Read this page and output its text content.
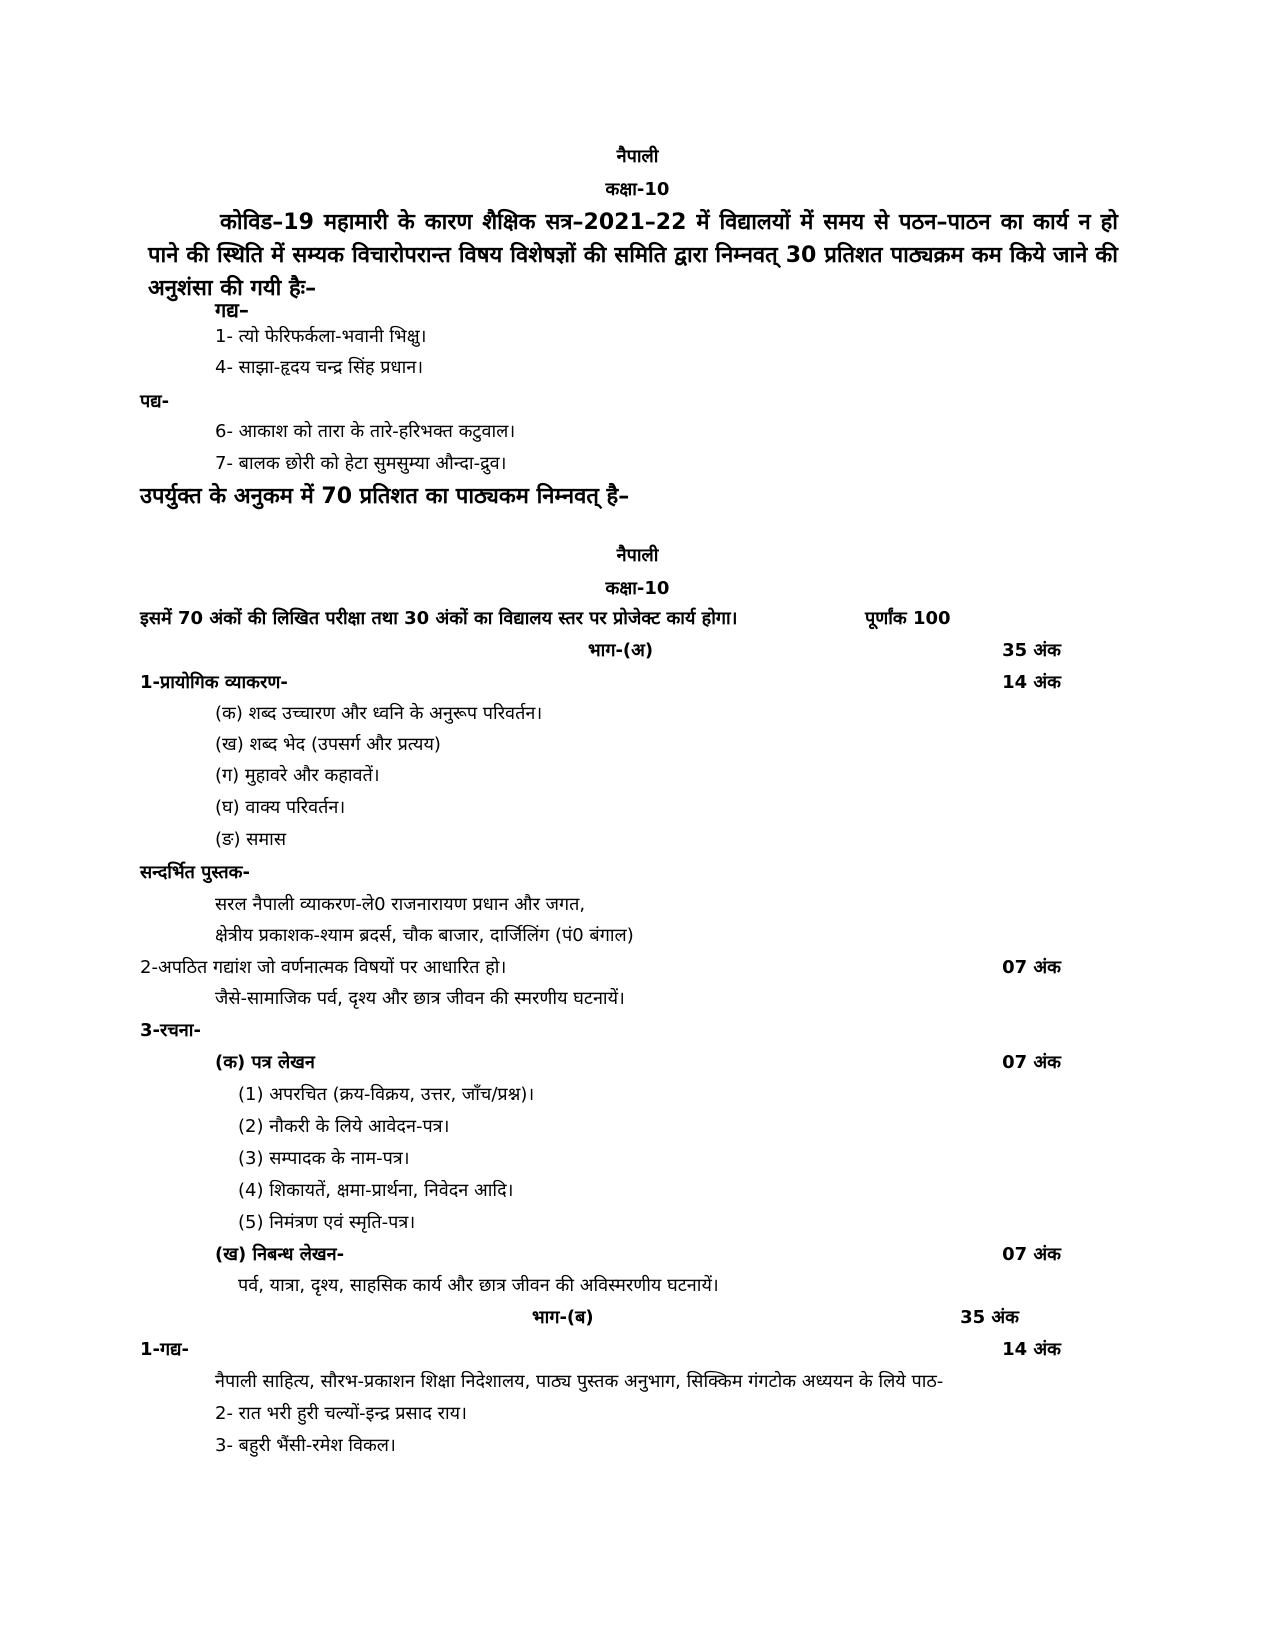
नैपाली
कक्षा-10
कोविड–19 महामारी के कारण शैक्षिक सत्र–2021–22 में विद्यालयों में समय से पठन–पाठन का कार्य न हो पाने की स्थिति में सम्यक विचारोपरान्त विषय विशेषज्ञों की समिति द्वारा निम्नवत् 30 प्रतिशत पाठ्यक्रम कम किये जाने की अनुशंसा की गयी हैः–
गद्य–
1- त्यो फेरिफर्कला-भवानी भिक्षु।
4- साझा-हृदय चन्द्र सिंह प्रधान।
पद्य-
6- आकाश को तारा के तारे-हरिभक्त कटुवाल।
7- बालक छोरी को हेटा सुमसुम्या औन्दा-द्रुव।
उपर्युक्त के अनुकम में 70 प्रतिशत का पाठ्यकम निम्नवत् है–
नैपाली
कक्षा-10
इसमें 70 अंकों की लिखित परीक्षा तथा 30 अंकों का विद्यालय स्तर पर प्रोजेक्ट कार्य होगा।	पूर्णांक 100
भाग-(अ)	35 अंक
1-प्रायोगिक व्याकरण-	14 अंक
(क) शब्द उच्चारण और ध्वनि के अनुरूप परिवर्तन।
(ख) शब्द भेद (उपसर्ग और प्रत्यय)
(ग) मुहावरे और कहावतें।
(घ) वाक्य परिवर्तन।
(ङ) समास
सन्दर्भित पुस्तक-
सरल नैपाली व्याकरण-ले0 राजनारायण प्रधान और जगत,
क्षेत्रीय प्रकाशक-श्याम ब्रदर्स, चौक बाजार, दार्जिलिंग (पं0 बंगाल)
2-अपठित गद्यांश जो वर्णनात्मक विषयों पर आधारित हो।	07 अंक
जैसे-सामाजिक पर्व, दृश्य और छात्र जीवन की स्मरणीय घटनायें।
3-रचना-
(क) पत्र लेखन	07 अंक
(1) अपरचित (क्रय-विक्रय, उत्तर, जाँच/प्रश्न)।
(2) नौकरी के लिये आवेदन-पत्र।
(3) सम्पादक के नाम-पत्र।
(4) शिकायतें, क्षमा-प्रार्थना, निवेदन आदि।
(5) निमंत्रण एवं स्मृति-पत्र।
(ख) निबन्ध लेखन-	07 अंक
पर्व, यात्रा, दृश्य, साहसिक कार्य और छात्र जीवन की अविस्मरणीय घटनायें।
भाग-(ब)	35 अंक
1-गद्य-	14 अंक
नैपाली साहित्य, सौरभ-प्रकाशन शिक्षा निदेशालय, पाठ्य पुस्तक अनुभाग, सिक्किम गंगटोक अध्ययन के लिये पाठ-
2- रात भरी हुरी चल्यों-इन्द्र प्रसाद राय।
3- बहुरी भैंसी-रमेश विकल।
